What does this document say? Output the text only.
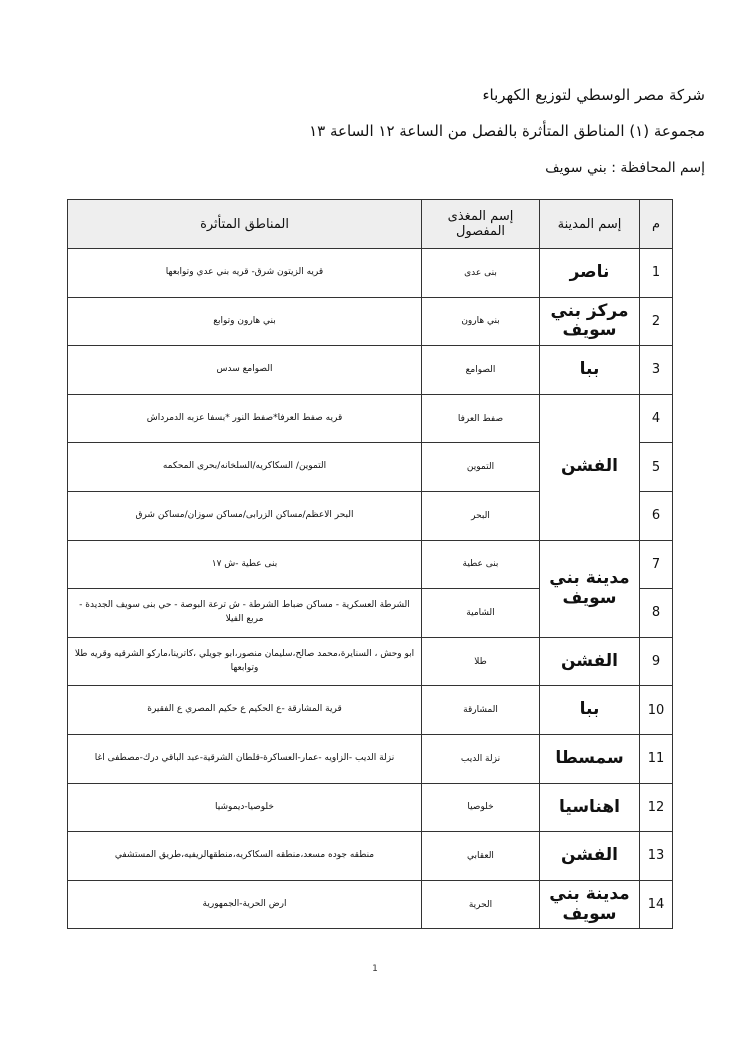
شركة مصر الوسطي لتوزيع الكهرباء
مجموعة (١) المناطق المتأثرة بالفصل من الساعة ١٢ الساعة ١٣
إسم المحافظة : بني سويف
م	إسم المدينة	إسم المغذى المفصول	المناطق المتأثرة
1	ناصر	بنى عدى	قريه الزيتون شرق- قريه بني عدي وتوابعها
2	مركز بني سويف	بني هارون	بني هارون وتوابع
3	ببا	الصوامع	الصوامع سدس
4	الفشن	صفط العرفا	قريه صفط العرفا*صفط النور *بسفا عزبه الدمرداش
5		التموين	التموين/ السكاكريه/السلخانه/بحرى المحكمه
6		البحر	البحر الاعظم/مساكن الزرابى/مساكن سوزان/مساكن شرق
7	مدينة بني سويف	بنى عطية	بنى عطية -ش ١٧
8		الشامية	الشرطة العسكرية - مساكن ضباط الشرطة - ش ترعة البوصة - حي بنى سويف الجديدة - مربع الفيلا
9	الفشن	طلا	ابو وحش ، السنايرة،محمد صالح،سليمان منصور،ابو جويلي ،كاترينا،ماركو الشرقيه وقريه طلا وتوابعها
10	ببا	المشارقة	قرية المشارقة -ع الحكيم ع حكيم المصري ع الفقيرة
11	سمسطا	نزلة الديب	نزلة الديب -الزاويه -عمار-العساكرة-قلطان الشرقية-عبد الباقي درك-مصطفى اغا
12	اهناسيا	خلوصيا	خلوصيا-ديموشيا
13	الفشن	العقابي	منطقه جوده مسعد،منطقه السكاكريه،منطقهالريفيه،طريق المستشفي
14	مدينة بني سويف	الحرية	ارض الحرية-الجمهورية
1
